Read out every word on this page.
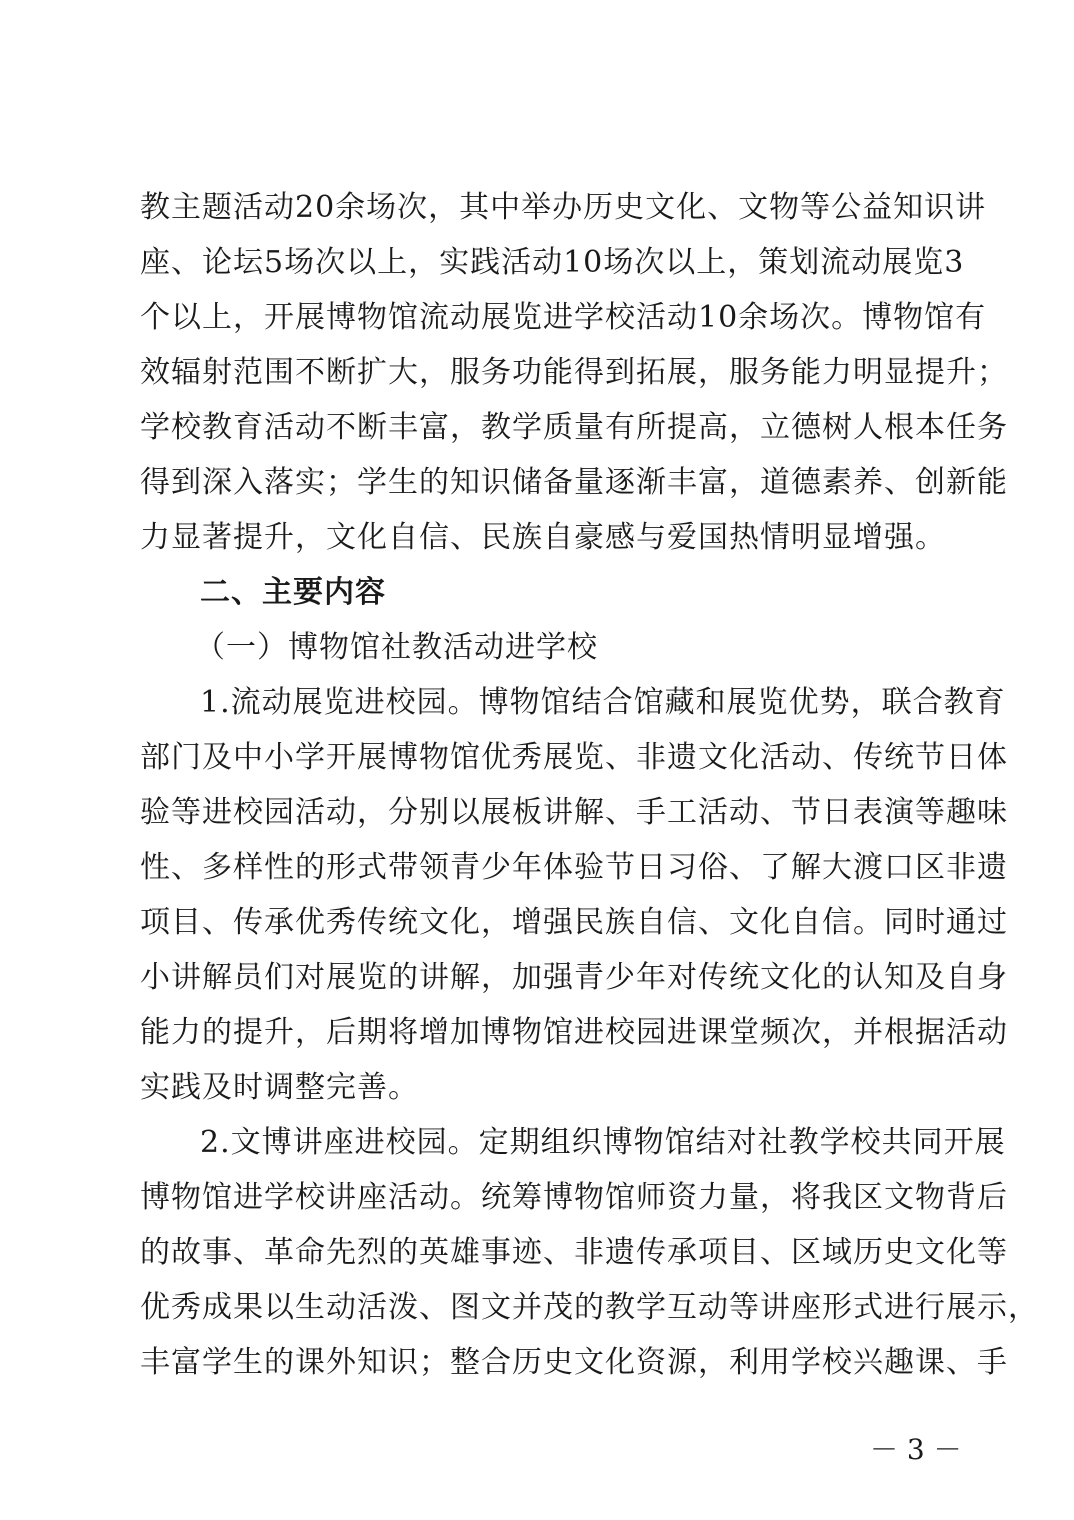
教主题活动20余场次，其中举办历史文化、文物等公益知识讲
座、论坛5场次以上，实践活动10场次以上，策划流动展览3
个以上，开展博物馆流动展览进学校活动10余场次。博物馆有
效辐射范围不断扩大，服务功能得到拓展，服务能力明显提升；
学校教育活动不断丰富，教学质量有所提高，立德树人根本任务
得到深入落实；学生的知识储备量逐渐丰富，道德素养、创新能
力显著提升，文化自信、民族自豪感与爱国热情明显增强。
二、主要内容
（一）博物馆社教活动进学校
1.流动展览进校园。博物馆结合馆藏和展览优势，联合教育
部门及中小学开展博物馆优秀展览、非遗文化活动、传统节日体
验等进校园活动，分别以展板讲解、手工活动、节日表演等趣味
性、多样性的形式带领青少年体验节日习俗、了解大渡口区非遗
项目、传承优秀传统文化，增强民族自信、文化自信。同时通过
小讲解员们对展览的讲解，加强青少年对传统文化的认知及自身
能力的提升，后期将增加博物馆进校园进课堂频次，并根据活动
实践及时调整完善。
2.文博讲座进校园。定期组织博物馆结对社教学校共同开展
博物馆进学校讲座活动。统筹博物馆师资力量，将我区文物背后
的故事、革命先烈的英雄事迹、非遗传承项目、区域历史文化等
优秀成果以生动活泼、图文并茂的教学互动等讲座形式进行展示，
丰富学生的课外知识；整合历史文化资源，利用学校兴趣课、手
－ 3 －
